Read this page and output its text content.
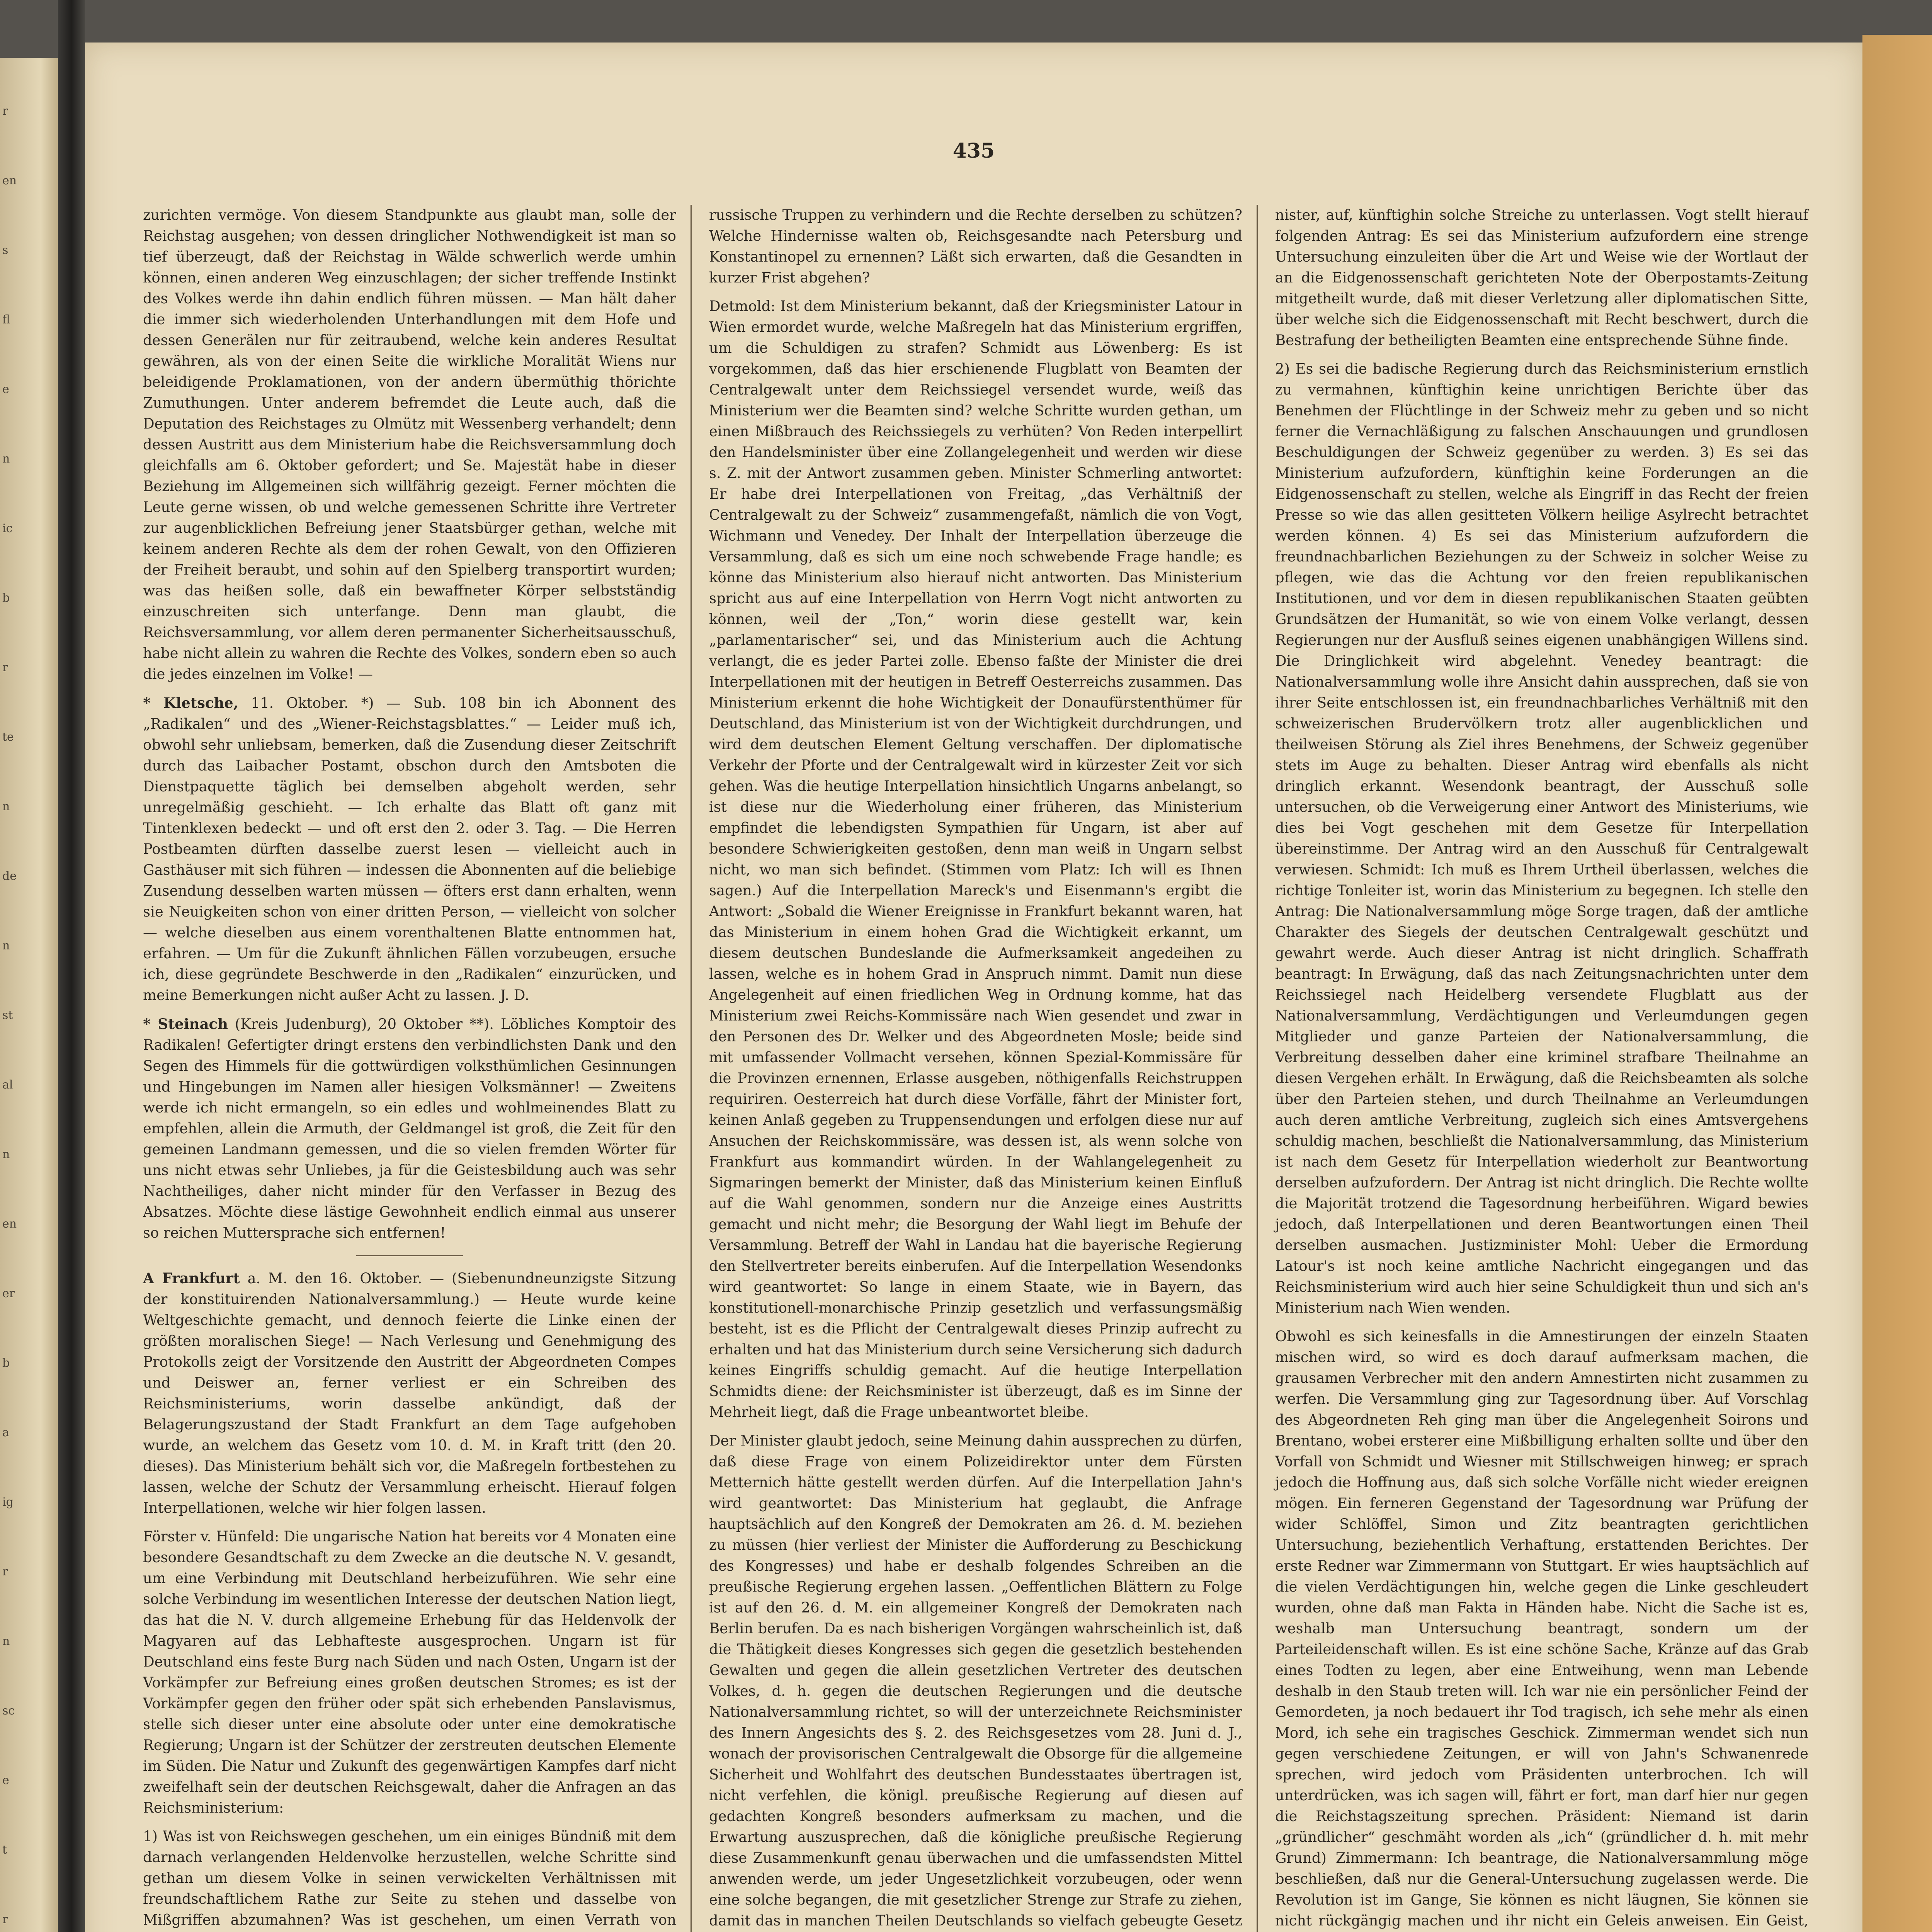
r
en
s
fl
e
n
ic
b
r
te
n
de
n
st
al
n
en
er
b
a
ig
r
n
sc
e
t
r
435

zurichten vermöge. Von diesem Standpunkte aus glaubt man, solle der Reichstag ausgehen; von dessen dringlicher Nothwendigkeit ist man so tief überzeugt, daß der Reichstag in Wälde schwerlich werde umhin können, einen anderen Weg einzuschlagen; der sicher treffende Instinkt des Volkes werde ihn dahin endlich führen müssen. — Man hält daher die immer sich wiederholenden Unterhandlungen mit dem Hofe und dessen Generälen nur für zeitraubend, welche kein anderes Resultat gewähren, als von der einen Seite die wirkliche Moralität Wiens nur beleidigende Proklamationen, von der andern übermüthig thörichte Zumuthungen. Unter anderem befremdet die Leute auch, daß die Deputation des Reichstages zu Olmütz mit Wessenberg verhandelt; denn dessen Austritt aus dem Ministerium habe die Reichsversammlung doch gleichfalls am 6. Oktober gefordert; und Se. Majestät habe in dieser Beziehung im Allgemeinen sich willfährig gezeigt. Ferner möchten die Leute gerne wissen, ob und welche gemessenen Schritte ihre Vertreter zur augenblicklichen Befreiung jener Staatsbürger gethan, welche mit keinem anderen Rechte als dem der rohen Gewalt, von den Offizieren der Freiheit beraubt, und sohin auf den Spielberg transportirt wurden; was das heißen solle, daß ein bewaffneter Körper selbstständig einzuschreiten sich unterfange. Denn man glaubt, die Reichsversammlung, vor allem deren permanenter Sicherheitsausschuß, habe nicht allein zu wahren die Rechte des Volkes, sondern eben so auch die jedes einzelnen im Volke! —

* Kletsche, 11. Oktober. *) — Sub. 108 bin ich Abonnent des „Radikalen“ und des „Wiener-Reichstagsblattes.“ — Leider muß ich, obwohl sehr unliebsam, bemerken, daß die Zusendung dieser Zeitschrift durch das Laibacher Postamt, obschon durch den Amtsboten die Dienstpaquette täglich bei demselben abgeholt werden, sehr unregelmäßig geschieht. — Ich erhalte das Blatt oft ganz mit Tintenklexen bedeckt — und oft erst den 2. oder 3. Tag. — Die Herren Postbeamten dürften dasselbe zuerst lesen — vielleicht auch in Gasthäuser mit sich führen — indessen die Abonnenten auf die beliebige Zusendung desselben warten müssen — öfters erst dann erhalten, wenn sie Neuigkeiten schon von einer dritten Person, — vielleicht von solcher — welche dieselben aus einem vorenthaltenen Blatte entnommen hat, erfahren. — Um für die Zukunft ähnlichen Fällen vorzubeugen, ersuche ich, diese gegründete Beschwerde in den „Radikalen“ einzurücken, und meine Bemerkungen nicht außer Acht zu lassen. J. D.

* Steinach (Kreis Judenburg), 20 Oktober **). Löbliches Komptoir des Radikalen! Gefertigter dringt erstens den verbindlichsten Dank und den Segen des Himmels für die gottwürdigen volksthümlichen Gesinnungen und Hingebungen im Namen aller hiesigen Volksmänner! — Zweitens werde ich nicht ermangeln, so ein edles und wohlmeinendes Blatt zu empfehlen, allein die Armuth, der Geldmangel ist groß, die Zeit für den gemeinen Landmann gemessen, und die so vielen fremden Wörter für uns nicht etwas sehr Unliebes, ja für die Geistesbildung auch was sehr Nachtheiliges, daher nicht minder für den Verfasser in Bezug des Absatzes. Möchte diese lästige Gewohnheit endlich einmal aus unserer so reichen Muttersprache sich entfernen!

A Frankfurt a. M. den 16. Oktober. — (Siebenundneunzigste Sitzung der konstituirenden Nationalversammlung.) — Heute wurde keine Weltgeschichte gemacht, und dennoch feierte die Linke einen der größten moralischen Siege! — Nach Verlesung und Genehmigung des Protokolls zeigt der Vorsitzende den Austritt der Abgeordneten Compes und Deiswer an, ferner verliest er ein Schreiben des Reichsministeriums, worin dasselbe ankündigt, daß der Belagerungszustand der Stadt Frankfurt an dem Tage aufgehoben wurde, an welchem das Gesetz vom 10. d. M. in Kraft tritt (den 20. dieses). Das Ministerium behält sich vor, die Maßregeln fortbestehen zu lassen, welche der Schutz der Versammlung erheischt. Hierauf folgen Interpellationen, welche wir hier folgen lassen.

Förster v. Hünfeld: Die ungarische Nation hat bereits vor 4 Monaten eine besondere Gesandtschaft zu dem Zwecke an die deutsche N. V. gesandt, um eine Verbindung mit Deutschland herbeizuführen. Wie sehr eine solche Verbindung im wesentlichen Interesse der deutschen Nation liegt, das hat die N. V. durch allgemeine Erhebung für das Heldenvolk der Magyaren auf das Lebhafteste ausgesprochen. Ungarn ist für Deutschland eins feste Burg nach Süden und nach Osten, Ungarn ist der Vorkämpfer zur Befreiung eines großen deutschen Stromes; es ist der Vorkämpfer gegen den früher oder spät sich erhebenden Panslavismus, stelle sich dieser unter eine absolute oder unter eine demokratische Regierung; Ungarn ist der Schützer der zerstreuten deutschen Elemente im Süden. Die Natur und Zukunft des gegenwärtigen Kampfes darf nicht zweifelhaft sein der deutschen Reichsgewalt, daher die Anfragen an das Reichsministerium:

1) Was ist von Reichswegen geschehen, um ein einiges Bündniß mit dem darnach verlangenden Heldenvolke herzustellen, welche Schritte sind gethan um diesem Volke in seinen verwickelten Verhältnissen mit freundschaftlichem Rathe zur Seite zu stehen und dasselbe von Mißgriffen abzumahnen? Was ist geschehen, um einen Verrath von

russische Truppen zu verhindern und die Rechte derselben zu schützen? Welche Hindernisse walten ob, Reichsgesandte nach Petersburg und Konstantinopel zu ernennen? Läßt sich erwarten, daß die Gesandten in kurzer Frist abgehen?

Detmold: Ist dem Ministerium bekannt, daß der Kriegsminister Latour in Wien ermordet wurde, welche Maßregeln hat das Ministerium ergriffen, um die Schuldigen zu strafen? Schmidt aus Löwenberg: Es ist vorgekommen, daß das hier erschienende Flugblatt von Beamten der Centralgewalt unter dem Reichssiegel versendet wurde, weiß das Ministerium wer die Beamten sind? welche Schritte wurden gethan, um einen Mißbrauch des Reichssiegels zu verhüten? Von Reden interpellirt den Handelsminister über eine Zollangelegenheit und werden wir diese s. Z. mit der Antwort zusammen geben. Minister Schmerling antwortet: Er habe drei Interpellationen von Freitag, „das Verhältniß der Centralgewalt zu der Schweiz“ zusammengefaßt, nämlich die von Vogt, Wichmann und Venedey. Der Inhalt der Interpellation überzeuge die Versammlung, daß es sich um eine noch schwebende Frage handle; es könne das Ministerium also hierauf nicht antworten. Das Ministerium spricht aus auf eine Interpellation von Herrn Vogt nicht antworten zu können, weil der „Ton,“ worin diese gestellt war, kein „parlamentarischer“ sei, und das Ministerium auch die Achtung verlangt, die es jeder Partei zolle. Ebenso faßte der Minister die drei Interpellationen mit der heutigen in Betreff Oesterreichs zusammen. Das Ministerium erkennt die hohe Wichtigkeit der Donaufürstenthümer für Deutschland, das Ministerium ist von der Wichtigkeit durchdrungen, und wird dem deutschen Element Geltung verschaffen. Der diplomatische Verkehr der Pforte und der Centralgewalt wird in kürzester Zeit vor sich gehen. Was die heutige Interpellation hinsichtlich Ungarns anbelangt, so ist diese nur die Wiederholung einer früheren, das Ministerium empfindet die lebendigsten Sympathien für Ungarn, ist aber auf besondere Schwierigkeiten gestoßen, denn man weiß in Ungarn selbst nicht, wo man sich befindet. (Stimmen vom Platz: Ich will es Ihnen sagen.) Auf die Interpellation Mareck's und Eisenmann's ergibt die Antwort: „Sobald die Wiener Ereignisse in Frankfurt bekannt waren, hat das Ministerium in einem hohen Grad die Wichtigkeit erkannt, um diesem deutschen Bundeslande die Aufmerksamkeit angedeihen zu lassen, welche es in hohem Grad in Anspruch nimmt. Damit nun diese Angelegenheit auf einen friedlichen Weg in Ordnung komme, hat das Ministerium zwei Reichs-Kommissäre nach Wien gesendet und zwar in den Personen des Dr. Welker und des Abgeordneten Mosle; beide sind mit umfassender Vollmacht versehen, können Spezial-Kommissäre für die Provinzen ernennen, Erlasse ausgeben, nöthigenfalls Reichstruppen requiriren. Oesterreich hat durch diese Vorfälle, fährt der Minister fort, keinen Anlaß gegeben zu Truppensendungen und erfolgen diese nur auf Ansuchen der Reichskommissäre, was dessen ist, als wenn solche von Frankfurt aus kommandirt würden. In der Wahlangelegenheit zu Sigmaringen bemerkt der Minister, daß das Ministerium keinen Einfluß auf die Wahl genommen, sondern nur die Anzeige eines Austritts gemacht und nicht mehr; die Besorgung der Wahl liegt im Behufe der Versammlung. Betreff der Wahl in Landau hat die bayerische Regierung den Stellvertreter bereits einberufen. Auf die Interpellation Wesendonks wird geantwortet: So lange in einem Staate, wie in Bayern, das konstitutionell-monarchische Prinzip gesetzlich und verfassungsmäßig besteht, ist es die Pflicht der Centralgewalt dieses Prinzip aufrecht zu erhalten und hat das Ministerium durch seine Versicherung sich dadurch keines Eingriffs schuldig gemacht. Auf die heutige Interpellation Schmidts diene: der Reichsminister ist überzeugt, daß es im Sinne der Mehrheit liegt, daß die Frage unbeantwortet bleibe.

Der Minister glaubt jedoch, seine Meinung dahin aussprechen zu dürfen, daß diese Frage von einem Polizeidirektor unter dem Fürsten Metternich hätte gestellt werden dürfen. Auf die Interpellation Jahn's wird geantwortet: Das Ministerium hat geglaubt, die Anfrage hauptsächlich auf den Kongreß der Demokraten am 26. d. M. beziehen zu müssen (hier verliest der Minister die Aufforderung zu Beschickung des Kongresses) und habe er deshalb folgendes Schreiben an die preußische Regierung ergehen lassen. „Oeffentlichen Blättern zu Folge ist auf den 26. d. M. ein allgemeiner Kongreß der Demokraten nach Berlin berufen. Da es nach bisherigen Vorgängen wahrscheinlich ist, daß die Thätigkeit dieses Kongresses sich gegen die gesetzlich bestehenden Gewalten und gegen die allein gesetzlichen Vertreter des deutschen Volkes, d. h. gegen die deutschen Regierungen und die deutsche Nationalversammlung richtet, so will der unterzeichnete Reichsminister des Innern Angesichts des §. 2. des Reichsgesetzes vom 28. Juni d. J., wonach der provisorischen Centralgewalt die Obsorge für die allgemeine Sicherheit und Wohlfahrt des deutschen Bundesstaates übertragen ist, nicht verfehlen, die königl. preußische Regierung auf diesen auf gedachten Kongreß besonders aufmerksam zu machen, und die Erwartung auszusprechen, daß die königliche preußische Regierung diese Zusammenkunft genau überwachen und die umfassendsten Mittel anwenden werde, um jeder Ungesetzlichkeit vorzubeugen, oder wenn eine solche begangen, die mit gesetzlicher Strenge zur Strafe zu ziehen, damit das in manchen Theilen Deutschlands so vielfach gebeugte Gesetz

nister, auf, künftighin solche Streiche zu unterlassen. Vogt stellt hierauf folgenden Antrag: Es sei das Ministerium aufzufordern eine strenge Untersuchung einzuleiten über die Art und Weise wie der Wortlaut der an die Eidgenossenschaft gerichteten Note der Oberpostamts-Zeitung mitgetheilt wurde, daß mit dieser Verletzung aller diplomatischen Sitte, über welche sich die Eidgenossenschaft mit Recht beschwert, durch die Bestrafung der betheiligten Beamten eine entsprechende Sühne finde.

2) Es sei die badische Regierung durch das Reichsministerium ernstlich zu vermahnen, künftighin keine unrichtigen Berichte über das Benehmen der Flüchtlinge in der Schweiz mehr zu geben und so nicht ferner die Vernachläßigung zu falschen Anschauungen und grundlosen Beschuldigungen der Schweiz gegenüber zu werden. 3) Es sei das Ministerium aufzufordern, künftighin keine Forderungen an die Eidgenossenschaft zu stellen, welche als Eingriff in das Recht der freien Presse so wie das allen gesitteten Völkern heilige Asylrecht betrachtet werden können. 4) Es sei das Ministerium aufzufordern die freundnachbarlichen Beziehungen zu der Schweiz in solcher Weise zu pflegen, wie das die Achtung vor den freien republikanischen Institutionen, und vor dem in diesen republikanischen Staaten geübten Grundsätzen der Humanität, so wie von einem Volke verlangt, dessen Regierungen nur der Ausfluß seines eigenen unabhängigen Willens sind. Die Dringlichkeit wird abgelehnt. Venedey beantragt: die Nationalversammlung wolle ihre Ansicht dahin aussprechen, daß sie von ihrer Seite entschlossen ist, ein freundnachbarliches Verhältniß mit den schweizerischen Brudervölkern trotz aller augenblicklichen und theilweisen Störung als Ziel ihres Benehmens, der Schweiz gegenüber stets im Auge zu behalten. Dieser Antrag wird ebenfalls als nicht dringlich erkannt. Wesendonk beantragt, der Ausschuß solle untersuchen, ob die Verweigerung einer Antwort des Ministeriums, wie dies bei Vogt geschehen mit dem Gesetze für Interpellation übereinstimme. Der Antrag wird an den Ausschuß für Centralgewalt verwiesen. Schmidt: Ich muß es Ihrem Urtheil überlassen, welches die richtige Tonleiter ist, worin das Ministerium zu begegnen. Ich stelle den Antrag: Die Nationalversammlung möge Sorge tragen, daß der amtliche Charakter des Siegels der deutschen Centralgewalt geschützt und gewahrt werde. Auch dieser Antrag ist nicht dringlich. Schaffrath beantragt: In Erwägung, daß das nach Zeitungsnachrichten unter dem Reichssiegel nach Heidelberg versendete Flugblatt aus der Nationalversammlung, Verdächtigungen und Verleumdungen gegen Mitglieder und ganze Parteien der Nationalversammlung, die Verbreitung desselben daher eine kriminel strafbare Theilnahme an diesen Vergehen erhält. In Erwägung, daß die Reichsbeamten als solche über den Parteien stehen, und durch Theilnahme an Verleumdungen auch deren amtliche Verbreitung, zugleich sich eines Amtsvergehens schuldig machen, beschließt die Nationalversammlung, das Ministerium ist nach dem Gesetz für Interpellation wiederholt zur Beantwortung derselben aufzufordern. Der Antrag ist nicht dringlich. Die Rechte wollte die Majorität trotzend die Tagesordnung herbeiführen. Wigard bewies jedoch, daß Interpellationen und deren Beantwortungen einen Theil derselben ausmachen. Justizminister Mohl: Ueber die Ermordung Latour's ist noch keine amtliche Nachricht eingegangen und das Reichsministerium wird auch hier seine Schuldigkeit thun und sich an's Ministerium nach Wien wenden.

Obwohl es sich keinesfalls in die Amnestirungen der einzeln Staaten mischen wird, so wird es doch darauf aufmerksam machen, die grausamen Verbrecher mit den andern Amnestirten nicht zusammen zu werfen. Die Versammlung ging zur Tagesordnung über. Auf Vorschlag des Abgeordneten Reh ging man über die Angelegenheit Soirons und Brentano, wobei ersterer eine Mißbilligung erhalten sollte und über den Vorfall von Schmidt und Wiesner mit Stillschweigen hinweg; er sprach jedoch die Hoffnung aus, daß sich solche Vorfälle nicht wieder ereignen mögen. Ein ferneren Gegenstand der Tagesordnung war Prüfung der wider Schlöffel, Simon und Zitz beantragten gerichtlichen Untersuchung, beziehentlich Verhaftung, erstattenden Berichtes. Der erste Redner war Zimmermann von Stuttgart. Er wies hauptsächlich auf die vielen Verdächtigungen hin, welche gegen die Linke geschleudert wurden, ohne daß man Fakta in Händen habe. Nicht die Sache ist es, weshalb man Untersuchung beantragt, sondern um der Parteileidenschaft willen. Es ist eine schöne Sache, Kränze auf das Grab eines Todten zu legen, aber eine Entweihung, wenn man Lebende deshalb in den Staub treten will. Ich war nie ein persönlicher Feind der Gemordeten, ja noch bedauert ihr Tod tragisch, ich sehe mehr als einen Mord, ich sehe ein tragisches Geschick. Zimmerman wendet sich nun gegen verschiedene Zeitungen, er will von Jahn's Schwanenrede sprechen, wird jedoch vom Präsidenten unterbrochen. Ich will unterdrücken, was ich sagen will, fährt er fort, man darf hier nur gegen die Reichstagszeitung sprechen. Präsident: Niemand ist darin „gründlicher“ geschmäht worden als „ich“ (gründlicher d. h. mit mehr Grund) Zimmermann: Ich beantrage, die Nationalversammlung möge beschließen, daß nur die General-Untersuchung zugelassen werde. Die Revolution ist im Gange, Sie können es nicht läugnen, Sie können sie nicht rückgängig machen und ihr nicht ein Geleis anweisen. Ein Geist,
